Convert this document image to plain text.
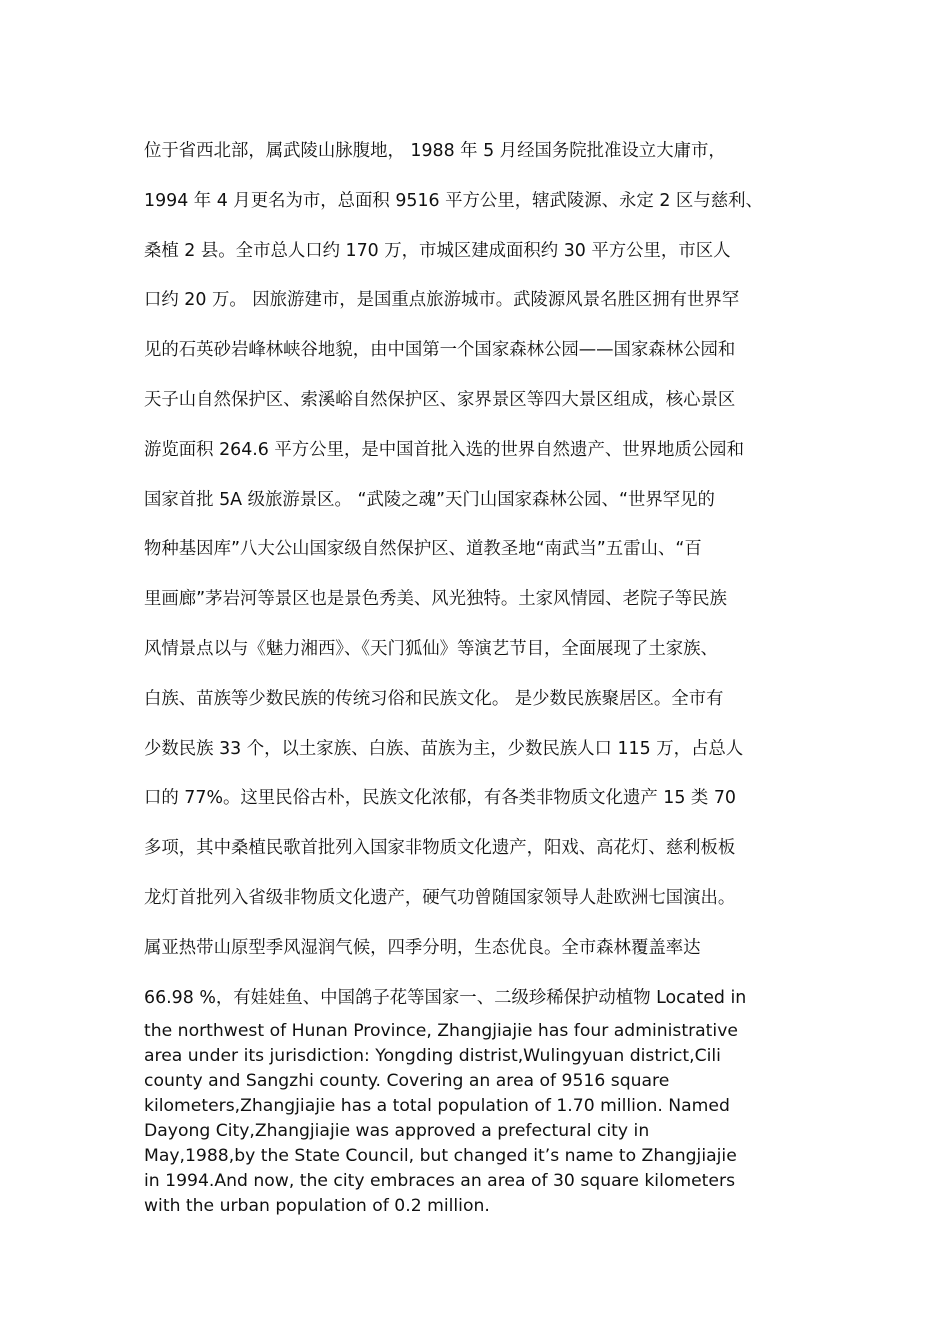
位于省西北部，属武陵山脉腹地， 1988 年 5 月经国务院批准设立大庸市，
1994 年 4 月更名为市，总面积 9516 平方公里，辖武陵源、永定 2 区与慈利、
桑植 2 县。全市总人口约 170 万，市城区建成面积约 30 平方公里，市区人
口约 20 万。 因旅游建市，是国重点旅游城市。武陵源风景名胜区拥有世界罕
见的石英砂岩峰林峡谷地貌，由中国第一个国家森林公园——国家森林公园和
天子山自然保护区、索溪峪自然保护区、家界景区等四大景区组成，核心景区
游览面积 264.6 平方公里，是中国首批入选的世界自然遗产、世界地质公园和
国家首批 5A 级旅游景区。 “武陵之魂”天门山国家森林公园、“世界罕见的
物种基因库”八大公山国家级自然保护区、道教圣地“南武当”五雷山、“百
里画廊”茅岩河等景区也是景色秀美、风光独特。土家风情园、老院子等民族
风情景点以与《魅力湘西》、《天门狐仙》等演艺节目，全面展现了土家族、
白族、苗族等少数民族的传统习俗和民族文化。 是少数民族聚居区。全市有
少数民族 33 个，以土家族、白族、苗族为主，少数民族人口 115 万，占总人
口的 77%。这里民俗古朴，民族文化浓郁，有各类非物质文化遗产 15 类 70
多项，其中桑植民歌首批列入国家非物质文化遗产，阳戏、高花灯、慈利板板
龙灯首批列入省级非物质文化遗产，硬气功曾随国家领导人赴欧洲七国演出。
属亚热带山原型季风湿润气候，四季分明，生态优良。全市森林覆盖率达
66.98 %，有娃娃鱼、中国鸽子花等国家一、二级珍稀保护动植物 Located in
the northwest of Hunan Province, Zhangjiajie has four administrative
area under its jurisdiction: Yongding distrist,Wulingyuan district,Cili
county and Sangzhi county. Covering an area of 9516 square
kilometers,Zhangjiajie has a total population of 1.70 million. Named
Dayong City,Zhangjiajie was approved a prefectural city in
May,1988,by the State Council, but changed it’s name to Zhangjiajie
in 1994.And now, the city embraces an area of 30 square kilometers
with the urban population of 0.2 million.
